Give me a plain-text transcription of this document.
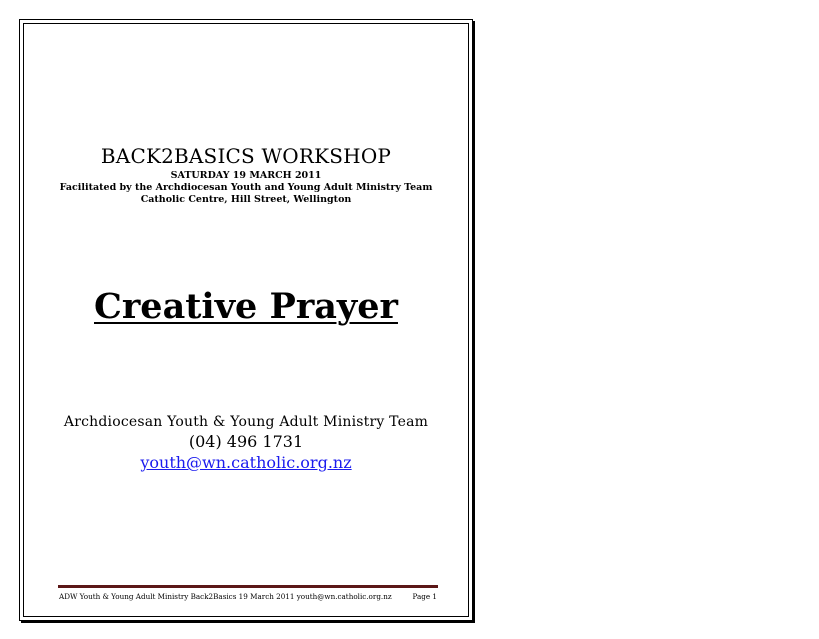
BACK2BASICS WORKSHOP
SATURDAY 19 MARCH 2011
Facilitated by the Archdiocesan Youth and Young Adult Ministry Team
Catholic Centre, Hill Street, Wellington
Creative Prayer
Archdiocesan Youth & Young Adult Ministry Team
(04) 496 1731
youth@wn.catholic.org.nz
ADW Youth & Young Adult Ministry Back2Basics 19 March 2011 youth@wn.catholic.org.nz	Page 1
